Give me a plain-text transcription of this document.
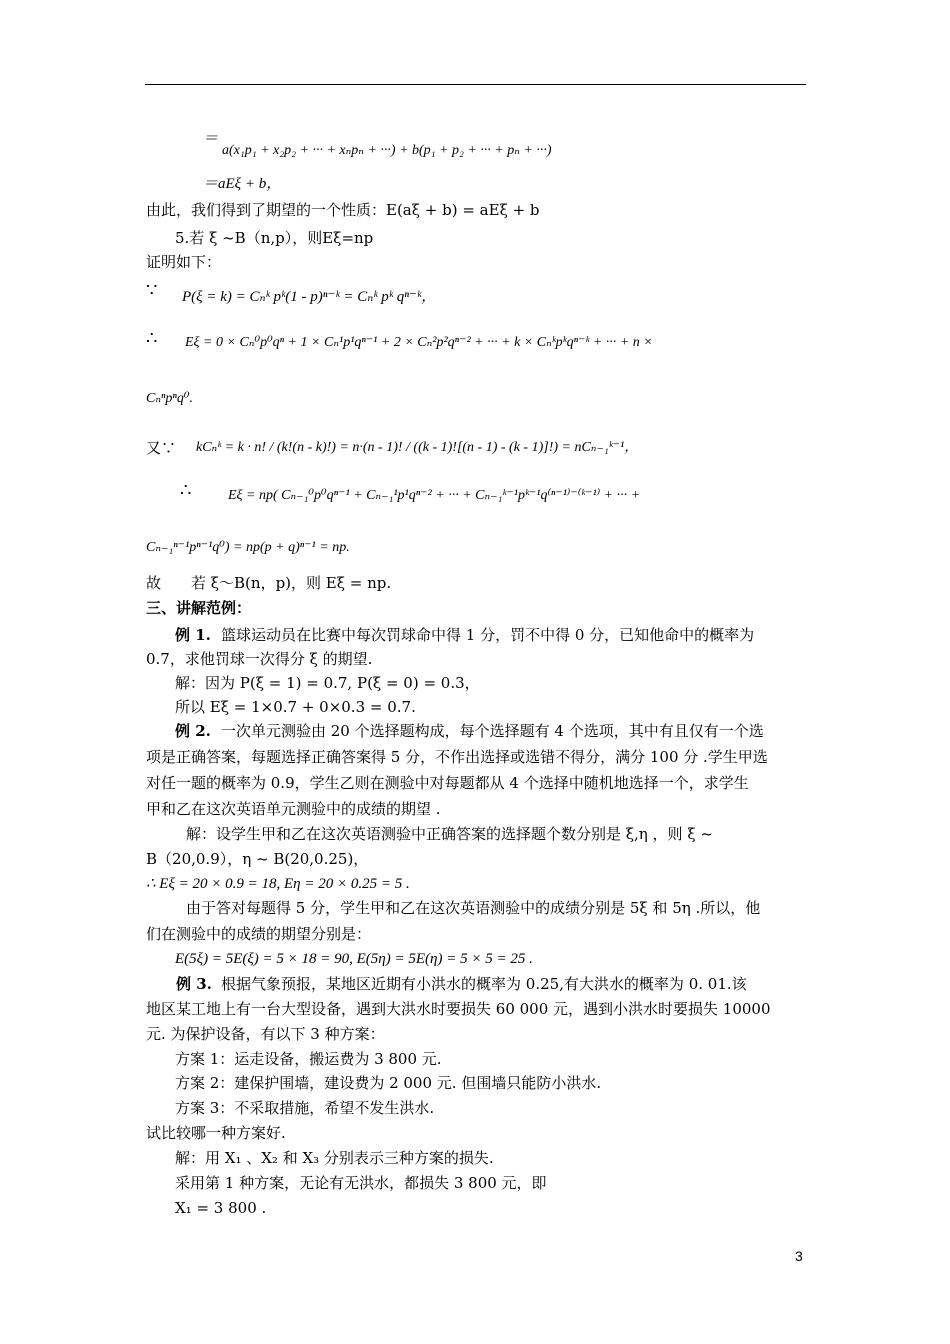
＝
a(x₁p₁ + x₂p₂ + ··· + xₙpₙ + ···) + b(p₁ + p₂ + ··· + pₙ + ···)
＝aEξ + b，
由此，我们得到了期望的一个性质：E(aξ + b) = aEξ + b
5.若 ξ ~B（n,p），则Eξ=np
证明如下：
∵ P(ξ = k) = Cₙᵏ pᵏ(1 - p)ⁿ⁻ᵏ = Cₙᵏ pᵏ qⁿ⁻ᵏ，
∴ Eξ = 0 × Cₙ⁰p⁰qⁿ + 1 × Cₙ¹p¹qⁿ⁻¹ + 2 × Cₙ²p²qⁿ⁻² + ··· + k × Cₙᵏpᵏqⁿ⁻ᵏ + ··· + n ×
Cₙⁿpⁿq⁰.
又∵ kCₙᵏ = k · n! / (k!(n - k)!) = n·(n - 1)! / ((k - 1)![(n - 1) - (k - 1)]!) = nCₙ₋₁ᵏ⁻¹，
∴	Eξ = np( Cₙ₋₁⁰p⁰qⁿ⁻¹ + Cₙ₋₁¹p¹qⁿ⁻² + ··· + Cₙ₋₁ᵏ⁻¹pᵏ⁻¹q⁽ⁿ⁻¹⁾⁻⁽ᵏ⁻¹⁾ + ··· +
Cₙ₋₁ⁿ⁻¹pⁿ⁻¹q⁰) = np(p + q)ⁿ⁻¹ = np.
故　　若 ξ～B(n，p)，则 Eξ = np.
三、讲解范例：
例 1. 篮球运动员在比赛中每次罚球命中得 1 分，罚不中得 0 分，已知他命中的概率为
0.7，求他罚球一次得分 ξ 的期望.
解：因为 P(ξ = 1) = 0.7, P(ξ = 0) = 0.3，
所以 Eξ = 1×0.7 + 0×0.3 = 0.7.
例 2. 一次单元测验由 20 个选择题构成，每个选择题有 4 个选项，其中有且仅有一个选
项是正确答案，每题选择正确答案得 5 分，不作出选择或选错不得分，满分 100 分 .学生甲选
对任一题的概率为 0.9，学生乙则在测验中对每题都从 4 个选择中随机地选择一个，求学生
甲和乙在这次英语单元测验中的成绩的期望 .
解：设学生甲和乙在这次英语测验中正确答案的选择题个数分别是 ξ,η ，则 ξ ~
B（20,0.9），η ~ B(20,0.25)，
∴ Eξ = 20 × 0.9 = 18, Eη = 20 × 0.25 = 5 .
由于答对每题得 5 分，学生甲和乙在这次英语测验中的成绩分别是 5ξ 和 5η .所以，他
们在测验中的成绩的期望分别是：
E(5ξ) = 5E(ξ) = 5 × 18 = 90, E(5η) = 5E(η) = 5 × 5 = 25 .
例 3. 根据气象预报，某地区近期有小洪水的概率为 0.25,有大洪水的概率为 0. 01.该
地区某工地上有一台大型设备，遇到大洪水时要损失 60 000 元，遇到小洪水时要损失 10000
元. 为保护设备，有以下 3 种方案：
方案 1：运走设备，搬运费为 3 800 元.
方案 2：建保护围墙，建设费为 2 000 元. 但围墙只能防小洪水.
方案 3：不采取措施，希望不发生洪水.
试比较哪一种方案好.
解：用 X₁ 、X₂ 和 X₃ 分别表示三种方案的损失.
采用第 1 种方案，无论有无洪水，都损失 3 800 元，即
X₁ = 3 800 .
3
